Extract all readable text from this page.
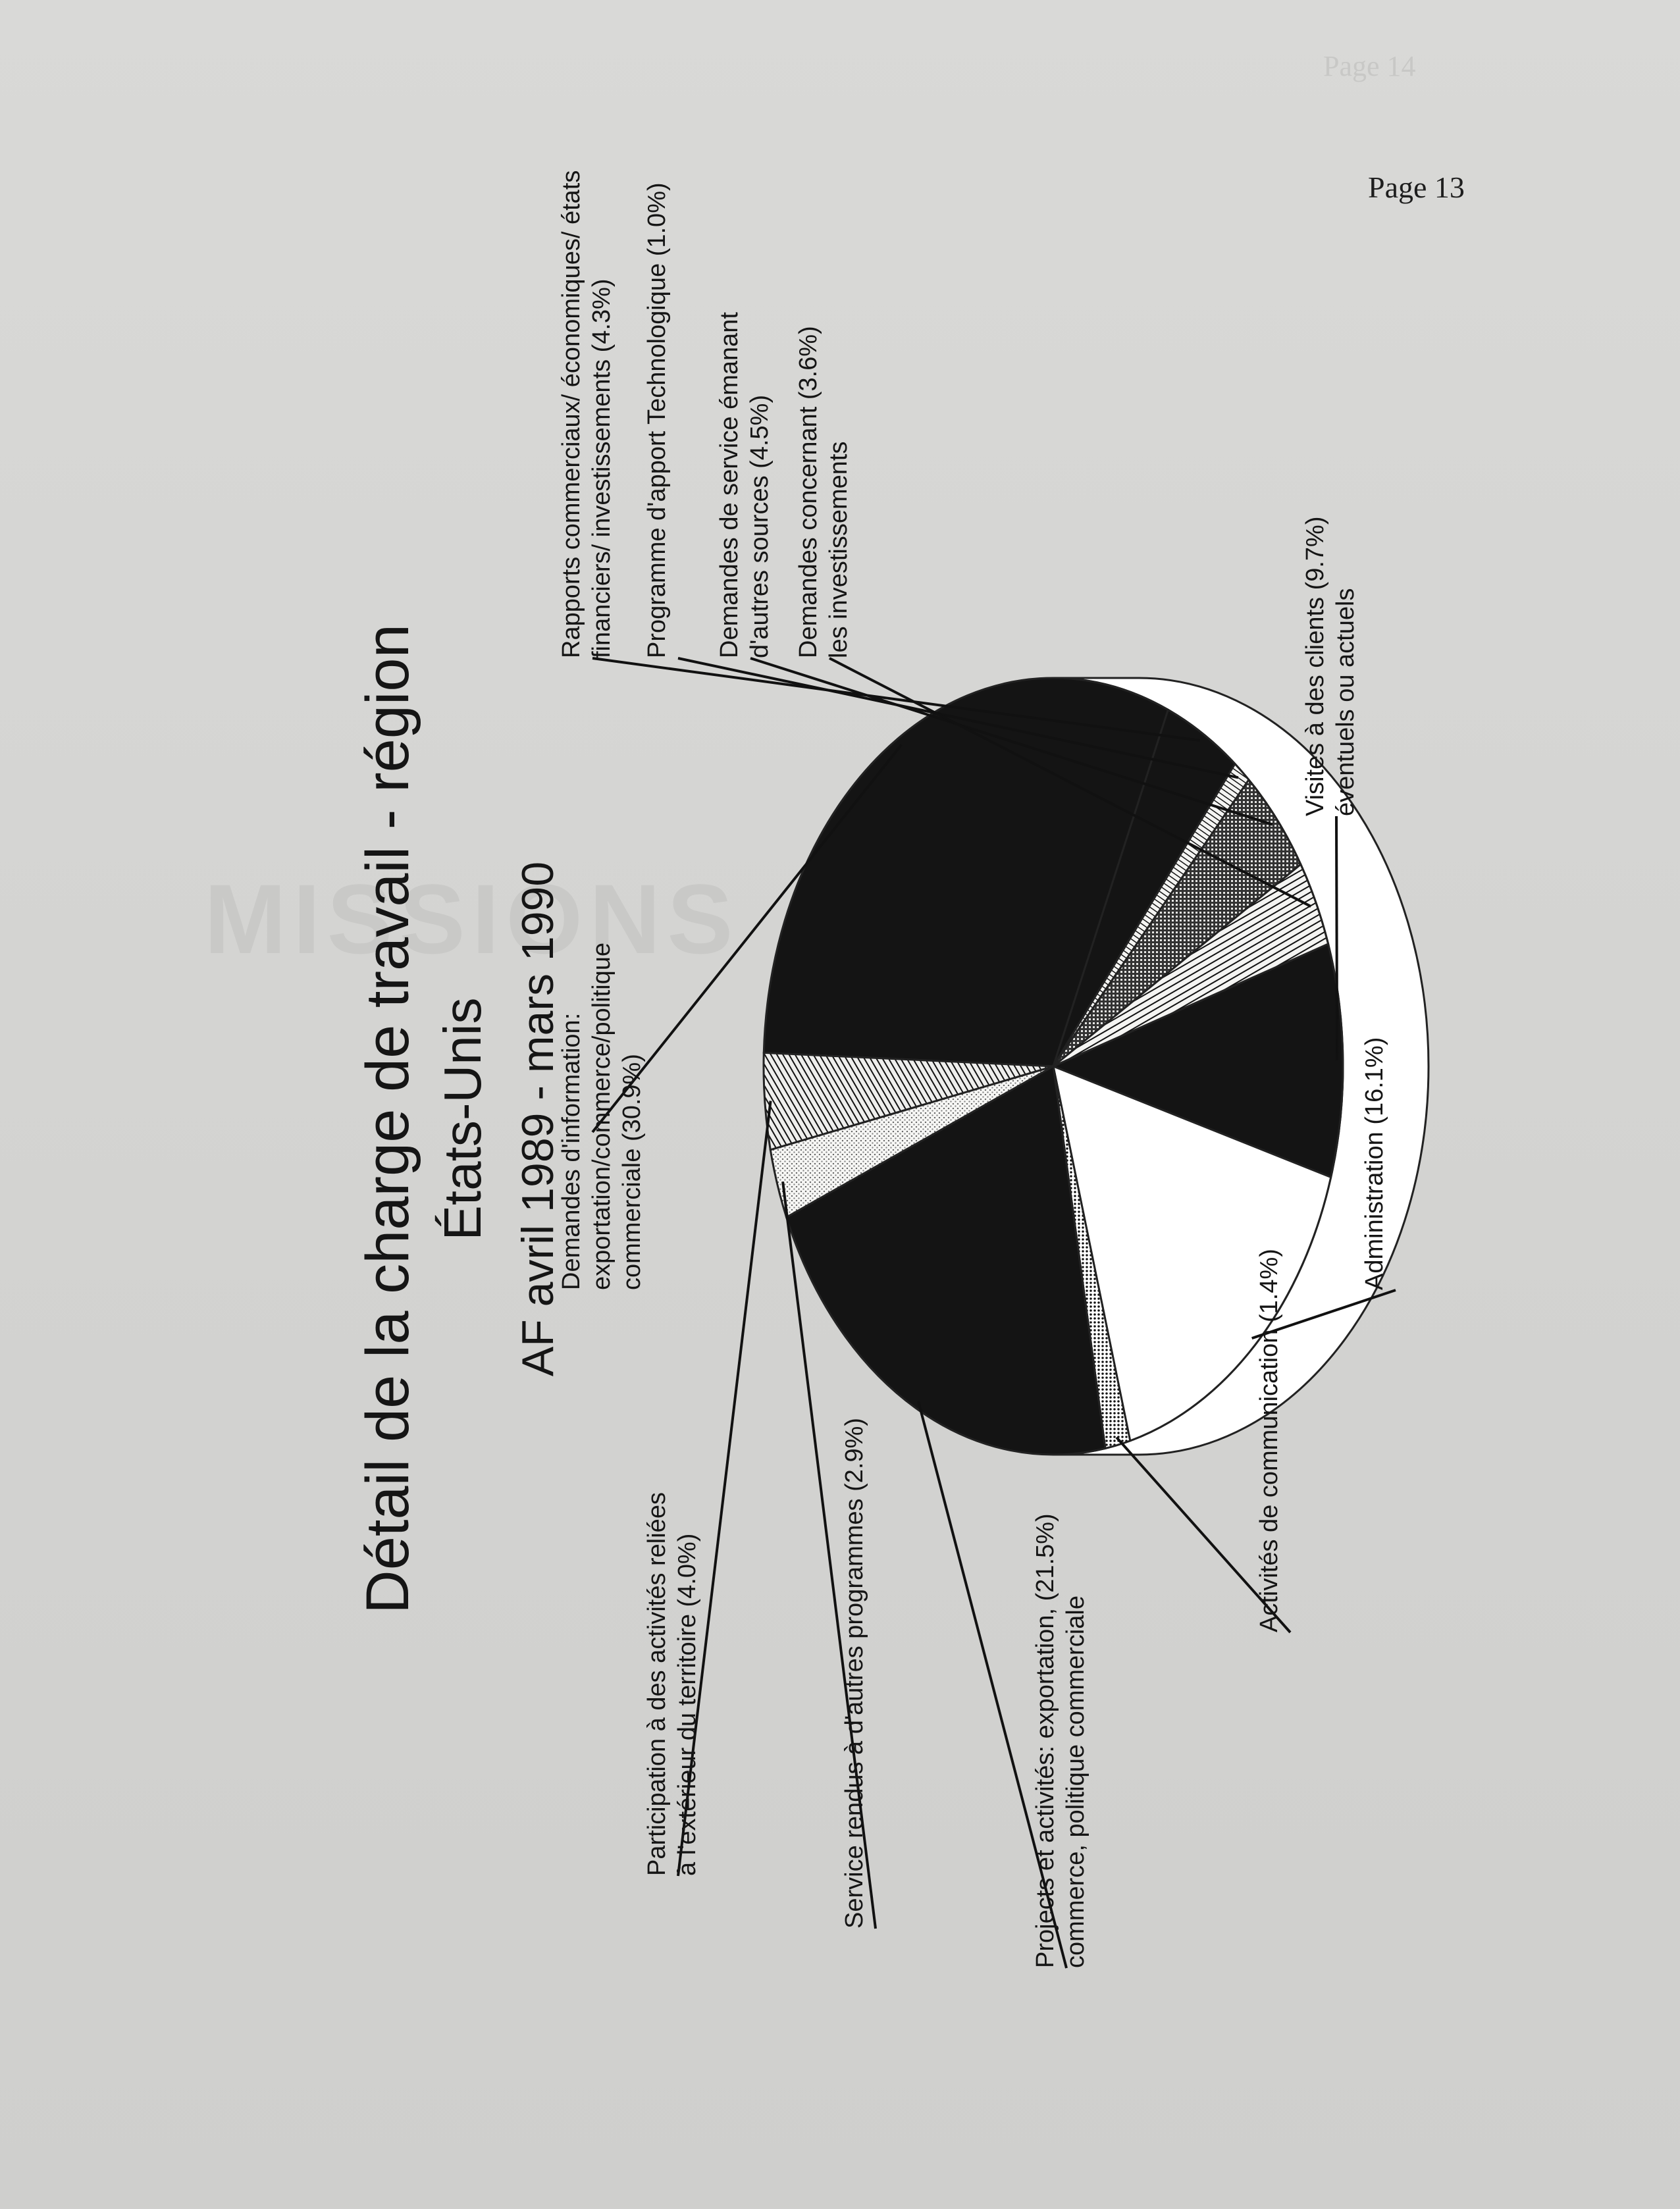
MISSIONS
Page 14
Page 13
Détail de la charge de travail - région États-Unis AF avril 1989 - mars 1990
Demandes d'information: exportation/commerce/politique commerciale (30.9%)
Rapports commerciaux/ économiques/ états financiers/ investissements (4.3%) Programme d'apport Technologique (1.0%) Demandes de service émanant d'autres sources (4.5%) Demandes concernant (3.6%) les investissements	Visites à des clients (9.7%) éventuels ou actuels
Administration (16.1%)
Activités de communication (1.4%)
Projects et activités: exportation, (21.5%) commerce, politique commerciale
Service rendus à d'autres programmes (2.9%)
Participation à des activités reliées à l'extérieur du territoire (4.0%)
